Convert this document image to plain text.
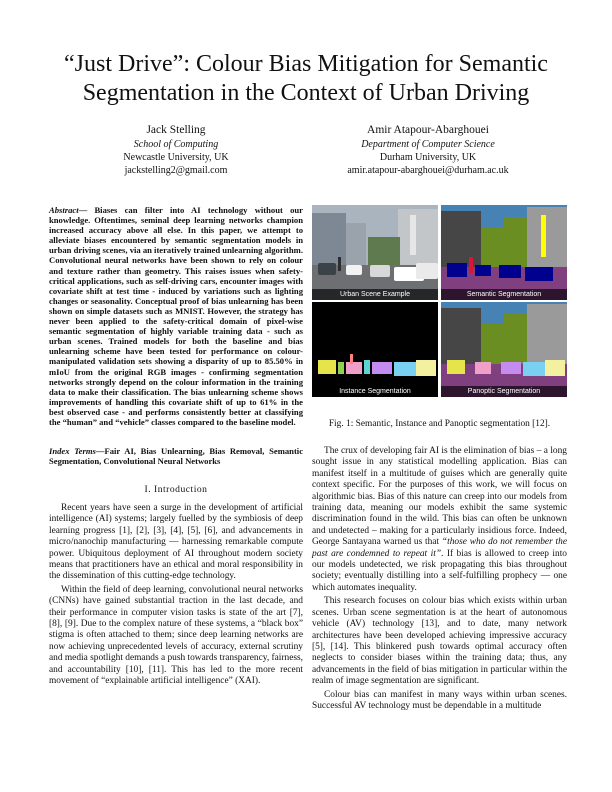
“Just Drive”: Colour Bias Mitigation for Semantic Segmentation in the Context of Urban Driving
Jack Stelling
School of Computing
Newcastle University, UK
jackstelling2@gmail.com
Amir Atapour-Abarghouei
Department of Computer Science
Durham University, UK
amir.atapour-abarghouei@durham.ac.uk

Abstract— Biases can filter into AI technology without our knowledge. Oftentimes, seminal deep learning networks champion increased accuracy above all else. In this paper, we attempt to alleviate biases encountered by semantic segmentation models in urban driving scenes, via an iteratively trained unlearning algorithm. Convolutional neural networks have been shown to rely on colour and texture rather than geometry. This raises issues when safety-critical applications, such as self-driving cars, encounter images with covariate shift at test time - induced by variations such as lighting changes or seasonality. Conceptual proof of bias unlearning has been shown on simple datasets such as MNIST. However, the strategy has never been applied to the safety-critical domain of pixel-wise semantic segmentation of highly variable training data - such as urban scenes. Trained models for both the baseline and bias unlearning scheme have been tested for performance on colour-manipulated validation sets showing a disparity of up to 85.50% in mIoU from the original RGB images - confirming segmentation networks strongly depend on the colour information in the training data to make their classification. The bias unlearning scheme shows improvements of handling this covariate shift of up to 61% in the best observed case - and performs consistently better at classifying the “human” and “vehicle” classes compared to the baseline model.

Index Terms—Fair AI, Bias Unlearning, Bias Removal, Semantic Segmentation, Convolutional Neural Networks

I. Introduction

Recent years have seen a surge in the development of artificial intelligence (AI) systems; largely fuelled by the symbiosis of deep learning progress [1], [2], [3], [4], [5], [6], and advancements in micro/nanochip manufacturing — harnessing remarkable compute power. Ubiquitous deployment of AI throughout modern society means that practitioners have an ethical and moral responsibility in the dissemination of this cutting-edge technology.

Within the field of deep learning, convolutional neural networks (CNNs) have gained substantial traction in the last decade, and their performance in computer vision tasks is state of the art [7], [8], [9]. Due to the complex nature of these systems, a “black box” stigma is often attached to them; since deep learning networks are now achieving unprecedented levels of accuracy, external scrutiny and media spotlight demands a push towards transparency, fairness, and accountability [10], [11]. This has led to the more recent movement of “explainable artificial intelligence” (XAI).

Urban Scene Example	Semantic Segmentation
Instance Segmentation	Panoptic Segmentation
Fig. 1: Semantic, Instance and Panoptic segmentation [12].

The crux of developing fair AI is the elimination of bias – a long sought issue in any statistical modelling application. Bias can manifest itself in a multitude of guises which are generally quite context specific. For the purposes of this work, we will focus on algorithmic bias. Bias of this nature can creep into our models from training data, meaning our models exhibit the same systemic discrimination found in the wild. This bias can often be unknown and undetected – making for a particularly insidious force. Indeed, George Santayana warned us that “those who do not remember the past are condemned to repeat it”. If bias is allowed to creep into our models undetected, we risk propagating this bias throughout society; eventually distilling into a self-fulfilling prophecy — one which automates inequality.

This research focuses on colour bias which exists within urban scenes. Urban scene segmentation is at the heart of autonomous vehicle (AV) technology [13], and to date, many network architectures have been developed achieving impressive accuracy [5], [14]. This blinkered push towards optimal accuracy often neglects to consider biases within the training data; thus, any advancements in the field of bias mitigation in particular within the realm of image segmentation are significant.

Colour bias can manifest in many ways within urban scenes. Successful AV technology must be dependable in a multitude
